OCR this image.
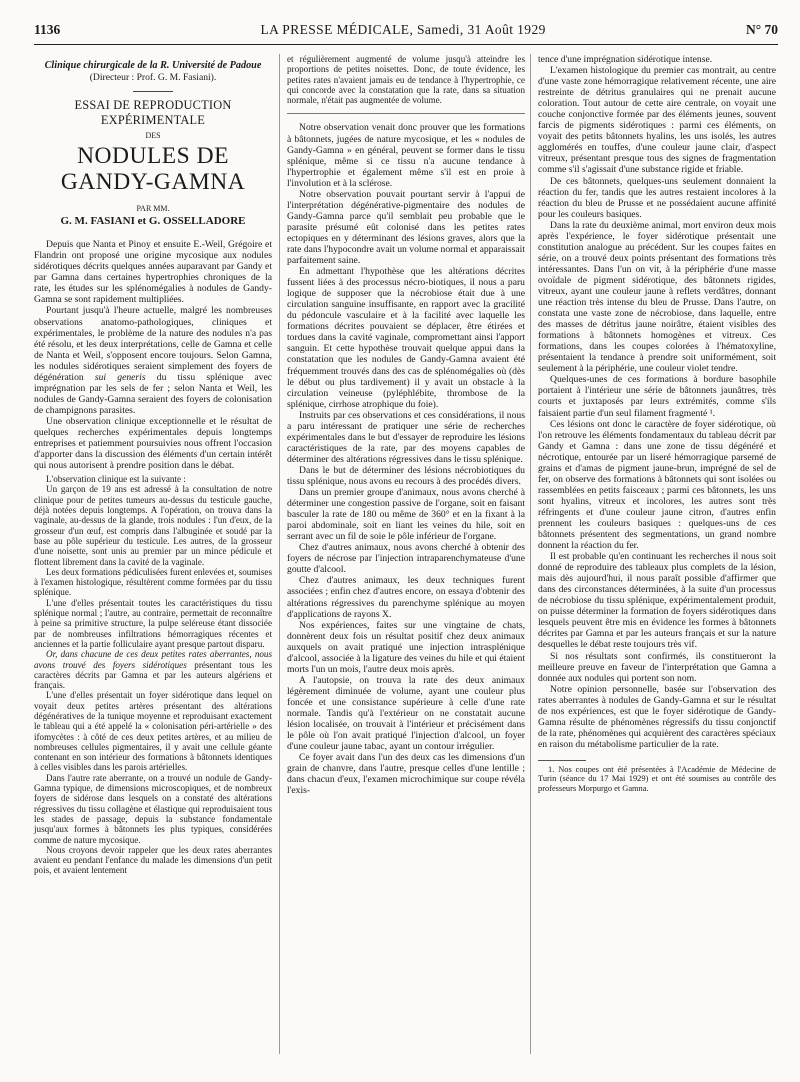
1136	LA PRESSE MÉDICALE, Samedi, 31 Août 1929	N° 70
Clinique chirurgicale de la R. Université de Padoue
(Directeur : Prof. G. M. Fasiani).
ESSAI DE REPRODUCTION EXPÉRIMENTALE
DES
NODULES DE GANDY-GAMNA
PAR MM.
G. M. FASIANI et G. OSSELLADORE

Depuis que Nanta et Pinoy et ensuite E.-Weil, Grégoire et Flandrin ont proposé une origine mycosique aux nodules sidérotiques décrits quelques années auparavant par Gandy et par Gamna dans certaines hypertrophies chroniques de la rate, les études sur les splénomégalies à nodules de Gandy-Gamna se sont rapidement multipliées.

Pourtant jusqu'à l'heure actuelle, malgré les nombreuses observations anatomo-pathologiques, cliniques et expérimentales, le problème de la nature des nodules n'a pas été résolu, et les deux interprétations, celle de Gamna et celle de Nanta et Weil, s'opposent encore toujours. Selon Gamna, les nodules sidérotiques seraient simplement des foyers de dégénération sui generis du tissu splénique avec imprégnation par les sels de fer ; selon Nanta et Weil, les nodules de Gandy-Gamna seraient des foyers de colonisation de champignons parasites.

Une observation clinique exceptionnelle et le résultat de quelques recherches expérimentales depuis longtemps entreprises et patiemment poursuivies nous offrent l'occasion d'apporter dans la discussion des éléments d'un certain intérêt qui nous autorisent à prendre position dans le débat.

L'observation clinique est la suivante :

Un garçon de 19 ans est adressé à la consultation de notre clinique pour de petites tumeurs au-dessus du testicule gauche, déjà notées depuis longtemps. A l'opération, on trouva dans la vaginale, au-dessus de la glande, trois nodules : l'un d'eux, de la grosseur d'un œuf, est compris dans l'albuginée et soudé par la base au pôle supérieur du testicule. Les autres, de la grosseur d'une noisette, sont unis au premier par un mince pédicule et flottent librement dans la cavité de la vaginale.

Les deux formations pédiculisées furent enlevées et, soumises à l'examen histologique, résultèrent comme formées par du tissu splénique.

L'une d'elles présentait toutes les caractéristiques du tissu splénique normal ; l'autre, au contraire, permettait de reconnaître à peine sa primitive structure, la pulpe seléreuse étant dissociée par de nombreuses infiltrations hémorragiques récentes et anciennes et la partie folliculaire ayant presque partout disparu.

Or, dans chacune de ces deux petites rates aberrantes, nous avons trouvé des foyers sidérotiques présentant tous les caractères décrits par Gamna et par les auteurs algériens et français.

L'une d'elles présentait un foyer sidérotique dans lequel on voyait deux petites artères présentant des altérations dégénératives de la tunique moyenne et reproduisant exactement le tableau qui a été appelé la « colonisation péri-artérielle » des ifomycètes : à côté de ces deux petites artères, et au milieu de nombreuses cellules pigmentaires, il y avait une cellule géante contenant en son intérieur des formations à bâtonnets identiques à celles visibles dans les parois artérielles.

Dans l'autre rate aberrante, on a trouvé un nodule de Gandy-Gamna typique, de dimensions microscopiques, et de nombreux foyers de sidérose dans lesquels on a constaté des altérations régressives du tissu collagène et élastique qui reproduisaient tous les stades de passage, depuis la substance fondamentale jusqu'aux formes à bâtonnets les plus typiques, considérées comme de nature mycosique.

Nous croyons devoir rappeler que les deux rates aberrantes avaient eu pendant l'enfance du malade les dimensions d'un petit pois, et avaient lentement

et régulièrement augmenté de volume jusqu'à atteindre les proportions de petites noisettes. Donc, de toute évidence, les petites rates n'avaient jamais eu de tendance à l'hypertrophie, ce qui concorde avec la constatation que la rate, dans sa situation normale, n'était pas augmentée de volume.

Notre observation venait donc prouver que les formations à bâtonnets, jugées de nature mycosique, et les « nodules de Gandy-Gamna » en général, peuvent se former dans le tissu splénique, même si ce tissu n'a aucune tendance à l'hypertrophie et également même s'il est en proie à l'involution et à la sclérose.

Notre observation pouvait pourtant servir à l'appui de l'interprétation dégénérative-pigmentaire des nodules de Gandy-Gamna parce qu'il semblait peu probable que le parasite présumé eût colonisé dans les petites rates ectopiques en y déterminant des lésions graves, alors que la rate dans l'hypocondre avait un volume normal et apparaissait parfaitement saine.

En admettant l'hypothèse que les altérations décrites fussent liées à des processus nécro-biotiques, il nous a paru logique de supposer que la nécrobiose était due à une circulation sanguine insuffisante, en rapport avec la gracilité du pédoncule vasculaire et à la facilité avec laquelle les formations décrites pouvaient se déplacer, être étirées et tordues dans la cavité vaginale, compromettant ainsi l'apport sanguin. Et cette hypothèse trouvait quelque appui dans la constatation que les nodules de Gandy-Gamna avaient été fréquemment trouvés dans des cas de splénomégalies où (dès le début ou plus tardivement) il y avait un obstacle à la circulation veineuse (pyléphlébite, thrombose de la splénique, cirrhose atrophique du foie).

Instruits par ces observations et ces considérations, il nous a paru intéressant de pratiquer une série de recherches expérimentales dans le but d'essayer de reproduire les lésions caractéristiques de la rate, par des moyens capables de déterminer des altérations régressives dans le tissu splénique.

Dans le but de déterminer des lésions nécrobiotiques du tissu splénique, nous avons eu recours à des procédés divers.

Dans un premier groupe d'animaux, nous avons cherché à déterminer une congestion passive de l'organe, soit en faisant basculer la rate de 180 ou même de 360° et en la fixant à la paroi abdominale, soit en liant les veines du hile, soit en serrant avec un fil de soie le pôle inférieur de l'organe.

Chez d'autres animaux, nous avons cherché à obtenir des foyers de nécrose par l'injection intraparenchymateuse d'une goutte d'alcool.

Chez d'autres animaux, les deux techniques furent associées ; enfin chez d'autres encore, on essaya d'obtenir des altérations régressives du parenchyme splénique au moyen d'applications de rayons X.

Nos expériences, faites sur une vingtaine de chats, donnèrent deux fois un résultat positif chez deux animaux auxquels on avait pratiqué une injection intrasplénique d'alcool, associée à la ligature des veines du hile et qui étaient morts l'un un mois, l'autre deux mois après.

A l'autopsie, on trouva la rate des deux animaux légèrement diminuée de volume, ayant une couleur plus foncée et une consistance supérieure à celle d'une rate normale. Tandis qu'à l'extérieur on ne constatait aucune lésion localisée, on trouvait à l'intérieur et précisément dans le pôle où l'on avait pratiqué l'injection d'alcool, un foyer d'une couleur jaune tabac, ayant un contour irrégulier.

Ce foyer avait dans l'un des deux cas les dimensions d'un grain de chanvre, dans l'autre, presque celles d'une lentille ; dans chacun d'eux, l'examen microchimique sur coupe révéla l'exis-

tence d'une imprégnation sidérotique intense.

L'examen histologique du premier cas montrait, au centre d'une vaste zone hémorragique relativement récente, une aire restreinte de détritus granulaires qui ne prenait aucune coloration. Tout autour de cette aire centrale, on voyait une couche conjonctive formée par des éléments jeunes, souvent farcis de pigments sidérotiques : parmi ces éléments, on voyait des petits bâtonnets hyalins, les uns isolés, les autres agglomérés en touffes, d'une couleur jaune clair, d'aspect vitreux, présentant presque tous des signes de fragmentation comme s'il s'agissait d'une substance rigide et friable.

De ces bâtonnets, quelques-uns seulement donnaient la réaction du fer, tandis que les autres restaient incolores à la réaction du bleu de Prusse et ne possédaient aucune affinité pour les couleurs basiques.

Dans la rate du deuxième animal, mort environ deux mois après l'expérience, le foyer sidérotique présentait une constitution analogue au précédent. Sur les coupes faites en série, on a trouvé deux points présentant des formations très intéressantes. Dans l'un on vit, à la périphérie d'une masse ovoïdale de pigment sidérotique, des bâtonnets rigides, vitreux, ayant une couleur jaune à reflets verdâtres, donnant une réaction très intense du bleu de Prusse. Dans l'autre, on constata une vaste zone de nécrobiose, dans laquelle, entre des masses de détritus jaune noirâtre, étaient visibles des formations à bâtonnets homogènes et vitreux. Ces formations, dans les coupes colorées à l'hématoxyline, présentaient la tendance à prendre soit uniformément, soit seulement à la périphérie, une couleur violet tendre.

Quelques-unes de ces formations à bordure basophile portaient à l'intérieur une série de bâtonnets jaunâtres, très courts et juxtaposés par leurs extrémités, comme s'ils faisaient partie d'un seul filament fragmenté ¹.

Ces lésions ont donc le caractère de foyer sidérotique, où l'on retrouve les éléments fondamentaux du tableau décrit par Gandy et Gamna : dans une zone de tissu dégénéré et nécrotique, entourée par un liseré hémorragique parsemé de grains et d'amas de pigment jaune-brun, imprégné de sel de fer, on observe des formations à bâtonnets qui sont isolées ou rassemblées en petits faisceaux ; parmi ces bâtonnets, les uns sont hyalins, vitreux et incolores, les autres sont très réfringents et d'une couleur jaune citron, d'autres enfin prennent les couleurs basiques : quelques-uns de ces bâtonnets présentent des segmentations, un grand nombre donnent la réaction du fer.

Il est probable qu'en continuant les recherches il nous soit donné de reproduire des tableaux plus complets de la lésion, mais dès aujourd'hui, il nous paraît possible d'affirmer que dans des circonstances déterminées, à la suite d'un processus de nécrobiose du tissu splénique, expérimentalement produit, on puisse déterminer la formation de foyers sidérotiques dans lesquels peuvent être mis en évidence les formes à bâtonnets décrites par Gamna et par les auteurs français et sur la nature desquelles le débat reste toujours très vif.

Si nos résultats sont confirmés, ils constitueront la meilleure preuve en faveur de l'interprétation que Gamna a donnée aux nodules qui portent son nom.

Notre opinion personnelle, basée sur l'observation des rates aberrantes à nodules de Gandy-Gamna et sur le résultat de nos expériences, est que le foyer sidérotique de Gandy-Gamna résulte de phénomènes régressifs du tissu conjonctif de la rate, phénomènes qui acquièrent des caractères spéciaux en raison du métabolisme particulier de la rate.

1. Nos coupes ont été présentées à l'Académie de Médecine de Turin (séance du 17 Mai 1929) et ont été soumises au contrôle des professeurs Morpurgo et Gamna.
